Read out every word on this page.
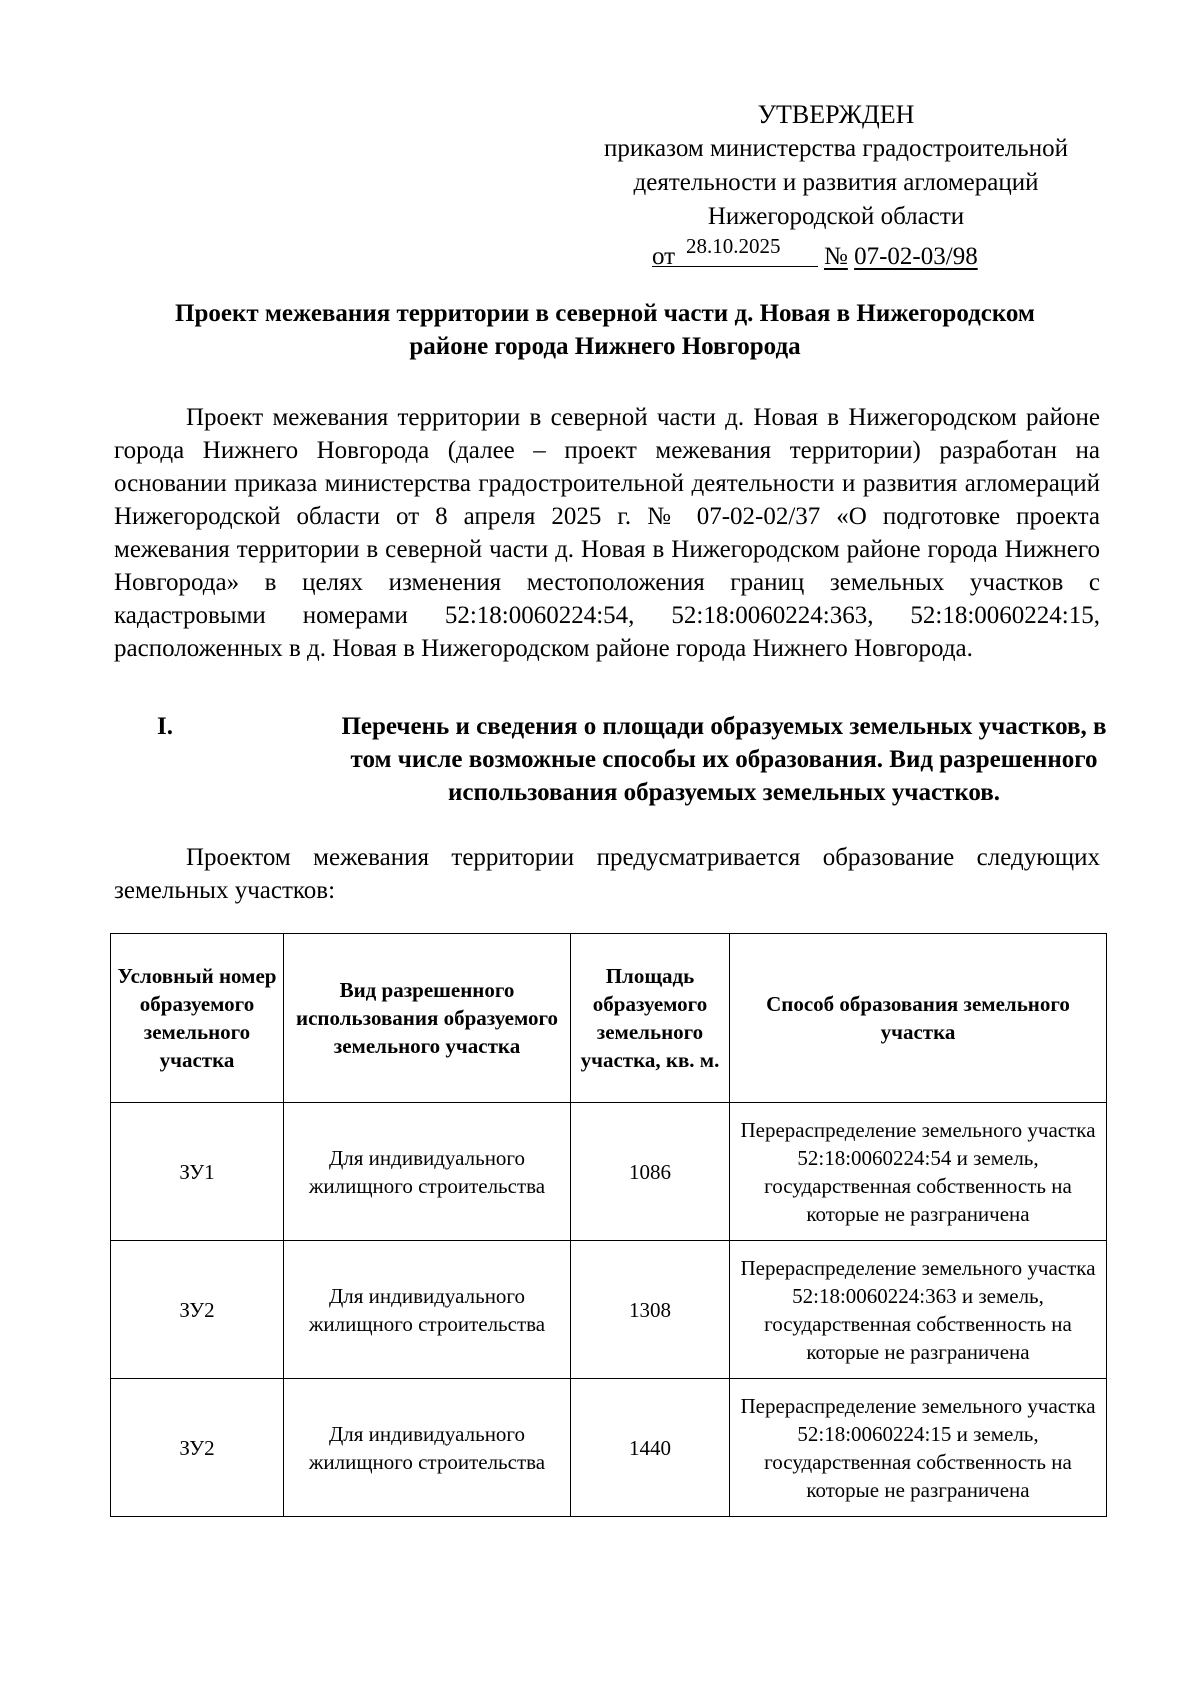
УТВЕРЖДЕН
приказом министерства градостроительной
деятельности и развития агломераций
Нижегородской области
от 28.10.2025 № 07-02-03/98
Проект межевания территории в северной части д. Новая в Нижегородском
районе города Нижнего Новгорода
Проект межевания территории в северной части д. Новая в Нижегородском районе города Нижнего Новгорода (далее – проект межевания территории) разработан на основании приказа министерства градостроительной деятельности и развития агломераций Нижегородской области от 8 апреля 2025 г. № 07-02-02/37 «О подготовке проекта межевания территории в северной части д. Новая в Нижегородском районе города Нижнего Новгорода» в целях изменения местоположения границ земельных участков с кадастровыми номерами 52:18:0060224:54, 52:18:0060224:363, 52:18:0060224:15, расположенных в д. Новая в Нижегородском районе города Нижнего Новгорода.
I.	Перечень и сведения о площади образуемых земельных участков, в
том числе возможные способы их образования. Вид разрешенного
использования образуемых земельных участков.
Проектом межевания территории предусматривается образование следующих земельных участков:
Условный номер образуемого земельного участка	Вид разрешенного использования образуемого земельного участка	Площадь образуемого земельного участка, кв. м.	Способ образования земельного участка
ЗУ1	Для индивидуального жилищного строительства	1086	Перераспределение земельного участка 52:18:0060224:54 и земель, государственная собственность на которые не разграничена
ЗУ2	Для индивидуального жилищного строительства	1308	Перераспределение земельного участка 52:18:0060224:363 и земель, государственная собственность на которые не разграничена
ЗУ2	Для индивидуального жилищного строительства	1440	Перераспределение земельного участка 52:18:0060224:15 и земель, государственная собственность на которые не разграничена
